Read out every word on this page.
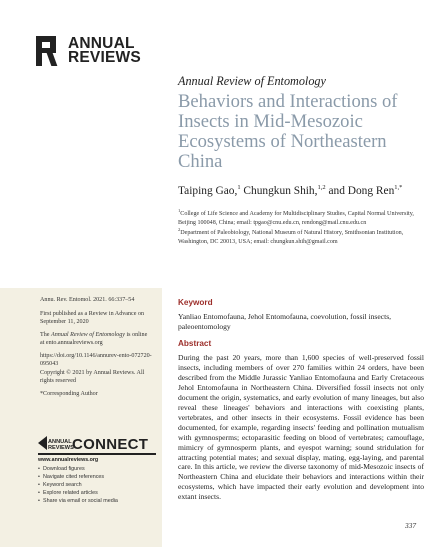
ANNUAL
REVIEWS
Annual Review of Entomology
Behaviors and Interactions of Insects in Mid-Mesozoic Ecosystems of Northeastern China
Taiping Gao,$^1$ Chungkun Shih,$^{1,2}$ and Dong Ren$^{1,*}$
$^1$College of Life Science and Academy for Multidisciplinary Studies, Capital Normal University, Beijing 100048, China; email: tpgao@cnu.edu.cn, rendong@mail.cnu.edu.cn
$^2$Department of Paleobiology, National Museum of Natural History, Smithsonian Institution, Washington, DC 20013, USA; email: chungkun.shih@gmail.com
Annu. Rev. Entomol. 2021. 66:337–54
First published as a Review in Advance on September 11, 2020
The Annual Review of Entomology is online at ento.annualreviews.org
https://doi.org/10.1146/annurev-ento-072720-095043
Copyright © 2021 by Annual Reviews. All rights reserved
*Corresponding Author
ANNUAL
REVIEWS
CONNECT
www.annualreviews.org
• Download figures
• Navigate cited references
• Keyword search
• Explore related articles
• Share via email or social media
Keyword
Yanliao Entomofauna, Jehol Entomofauna, coevolution, fossil insects, paleoentomology
Abstract
During the past 20 years, more than 1,600 species of well-preserved fossil insects, including members of over 270 families within 24 orders, have been described from the Middle Jurassic Yanliao Entomofauna and Early Cretaceous Jehol Entomofauna in Northeastern China. Diversified fossil insects not only document the origin, systematics, and early evolution of many lineages, but also reveal these lineages' behaviors and interactions with coexisting plants, vertebrates, and other insects in their ecosystems. Fossil evidence has been documented, for example, regarding insects' feeding and pollination mutualism with gymnosperms; ectoparasitic feeding on blood of vertebrates; camouflage, mimicry of gymnosperm plants, and eyespot warning; sound stridulation for attracting potential mates; and sexual display, mating, egg-laying, and parental care. In this article, we review the diverse taxonomy of mid-Mesozoic insects of Northeastern China and elucidate their behaviors and interactions within their ecosystems, which have impacted their early evolution and development into extant insects.
337
